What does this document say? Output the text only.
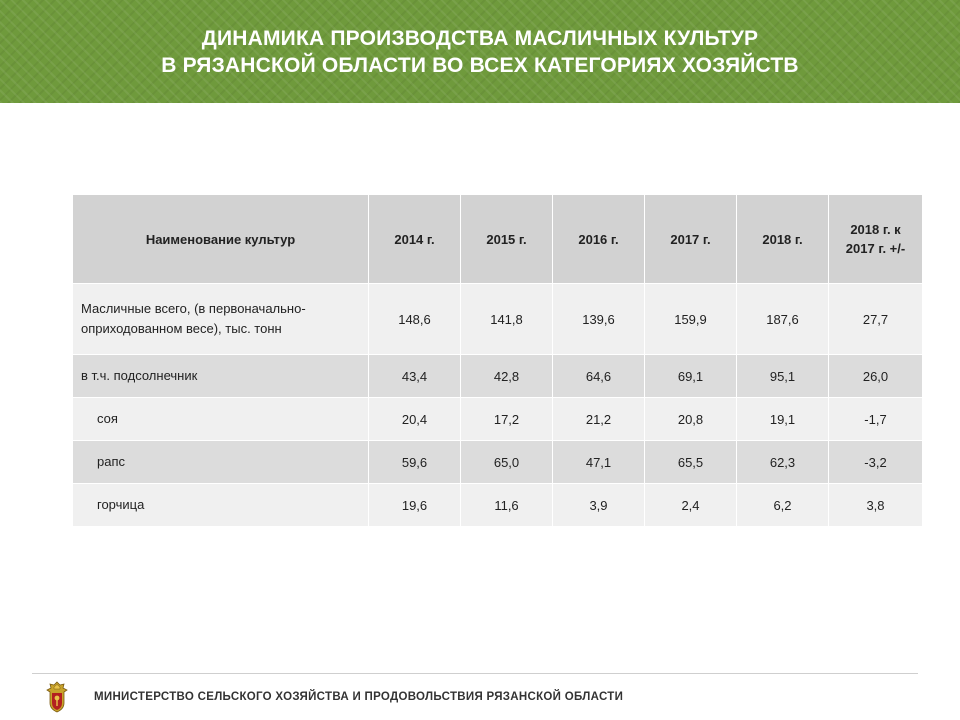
ДИНАМИКА ПРОИЗВОДСТВА МАСЛИЧНЫХ КУЛЬТУР
В РЯЗАНСКОЙ ОБЛАСТИ ВО ВСЕХ КАТЕГОРИЯХ ХОЗЯЙСТВ
Наименование культур	2014 г.	2015 г.	2016 г.	2017 г.	2018 г.	2018 г. к 2017 г. +/-
Масличные всего, (в первоначально-оприходованном весе), тыс. тонн	148,6	141,8	139,6	159,9	187,6	27,7
в т.ч. подсолнечник	43,4	42,8	64,6	69,1	95,1	26,0
соя	20,4	17,2	21,2	20,8	19,1	-1,7
рапс	59,6	65,0	47,1	65,5	62,3	-3,2
горчица	19,6	11,6	3,9	2,4	6,2	3,8
МИНИСТЕРСТВО СЕЛЬСКОГО ХОЗЯЙСТВА И ПРОДОВОЛЬСТВИЯ РЯЗАНСКОЙ ОБЛАСТИ
